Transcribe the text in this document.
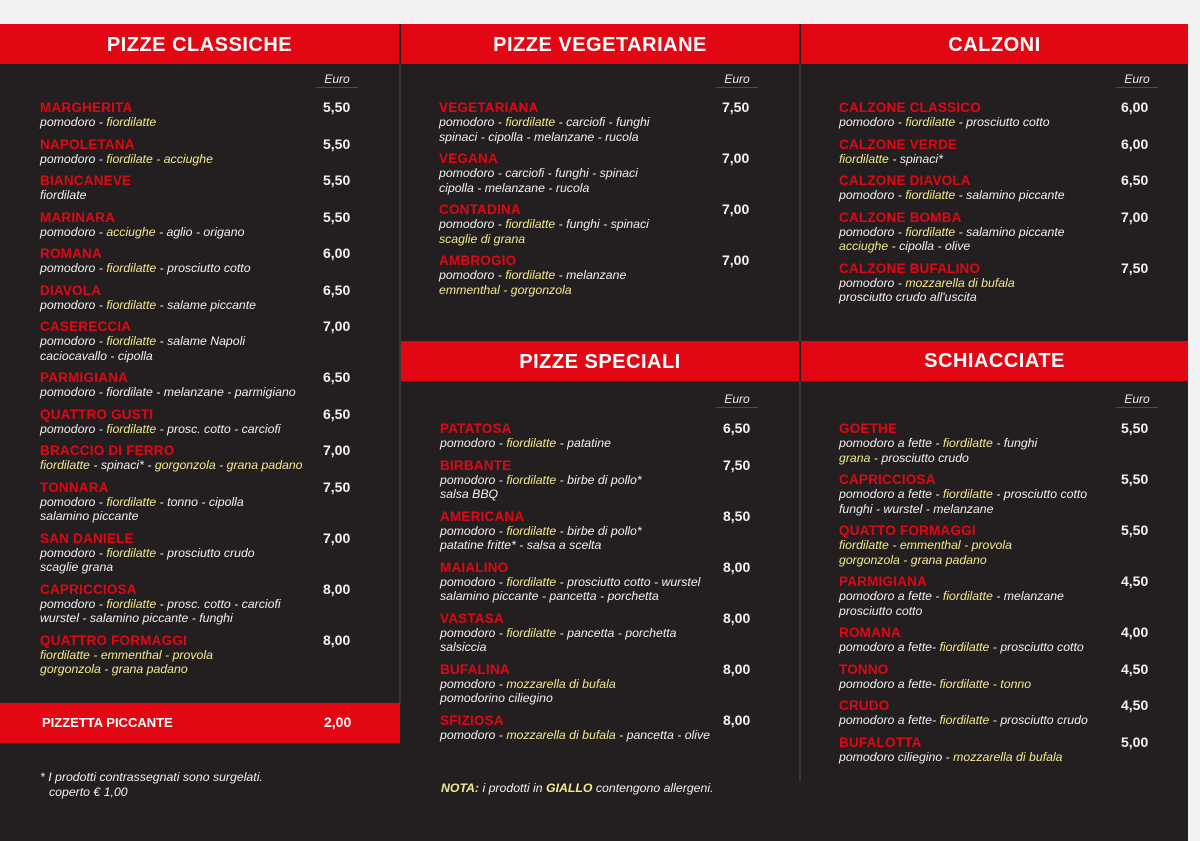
PIZZE CLASSICHE	PIZZE VEGETARIANE	CALZONI
PIZZE SPECIALI	SCHIACCIATE
Euro	Euro	Euro
Euro	Euro
MARGHERITA	5,50
pomodoro - fiordilatte
NAPOLETANA	5,50
pomodoro - fiordilate - acciughe
BIANCANEVE	5,50
fiordilate
MARINARA	5,50
pomodoro - acciughe - aglio - origano
ROMANA	6,00
pomodoro - fiordilatte - prosciutto cotto
DIAVOLA	6,50
pomodoro - fiordilatte - salame piccante
CASERECCIA	7,00
pomodoro - fiordilatte - salame Napoli
caciocavallo - cipolla
PARMIGIANA	6,50
pomodoro - fiordilate - melanzane - parmigiano
QUATTRO GUSTI	6,50
pomodoro - fiordilatte - prosc. cotto - carciofi
BRACCIO DI FERRO	7,00
fiordilatte - spinaci* - gorgonzola - grana padano
TONNARA	7,50
pomodoro - fiordilatte - tonno - cipolla
salamino piccante
SAN DANIELE	7,00
pomodoro - fiordilatte - prosciutto crudo
scaglie grana
CAPRICCIOSA	8,00
pomodoro - fiordilatte - prosc. cotto - carciofi
wurstel - salamino piccante - funghi
QUATTRO FORMAGGI	8,00
fiordilatte - emmenthal - provola
gorgonzola - grana padano
VEGETARIANA	7,50
pomodoro - fiordilatte - carciofi - funghi
spinaci - cipolla - melanzane - rucola
VEGANA	7,00
pomodoro - carciofi - funghi - spinaci
cipolla - melanzane - rucola
CONTADINA	7,00
pomodoro - fiordilatte - funghi - spinaci
scaglie di grana
AMBROGIO	7,00
pomodoro - fiordilatte - melanzane
emmenthal - gorgonzola
CALZONE CLASSICO	6,00
pomodoro - fiordilatte - prosciutto cotto
CALZONE VERDE	6,00
fiordilatte - spinaci*
CALZONE DIAVOLA	6,50
pomodoro - fiordilatte - salamino piccante
CALZONE BOMBA	7,00
pomodoro - fiordilatte - salamino piccante
acciughe - cipolla - olive
CALZONE BUFALINO	7,50
pomodoro - mozzarella di bufala
prosciutto crudo all'uscita
PATATOSA	6,50
pomodoro - fiordilatte - patatine
BIRBANTE	7,50
pomodoro - fiordilatte - birbe di pollo*
salsa BBQ
AMERICANA	8,50
pomodoro - fiordilatte - birbe di pollo*
patatine fritte* - salsa a scelta
MAIALINO	8,00
pomodoro - fiordilatte - prosciutto cotto - wurstel
salamino piccante - pancetta - porchetta
VASTASA	8,00
pomodoro - fiordilatte - pancetta - porchetta
salsiccia
BUFALINA	8,00
pomodoro - mozzarella di bufala
pomodorino ciliegino
SFIZIOSA	8,00
pomodoro - mozzarella di bufala - pancetta - olive
GOETHE	5,50
pomodoro a fette - fiordilatte - funghi
grana - prosciutto crudo
CAPRICCIOSA	5,50
pomodoro a fette - fiordilatte - prosciutto cotto
funghi - wurstel - melanzane
QUATTO FORMAGGI	5,50
fiordilatte - emmenthal - provola
gorgonzola - grana padano
PARMIGIANA	4,50
pomodoro a fette - fiordilatte - melanzane
prosciutto cotto
ROMANA	4,00
pomodoro a fette- fiordilatte - prosciutto cotto
TONNO	4,50
pomodoro a fette- fiordilatte - tonno
CRUDO	4,50
pomodoro a fette- fiordilatte - prosciutto crudo
BUFALOTTA	5,00
pomodoro ciliegino - mozzarella di bufala
PIZZETTA PICCANTE	2,00
* I prodotti contrassegnati sono surgelati.
coperto € 1,00	NOTA: i prodotti in GIALLO contengono allergeni.
